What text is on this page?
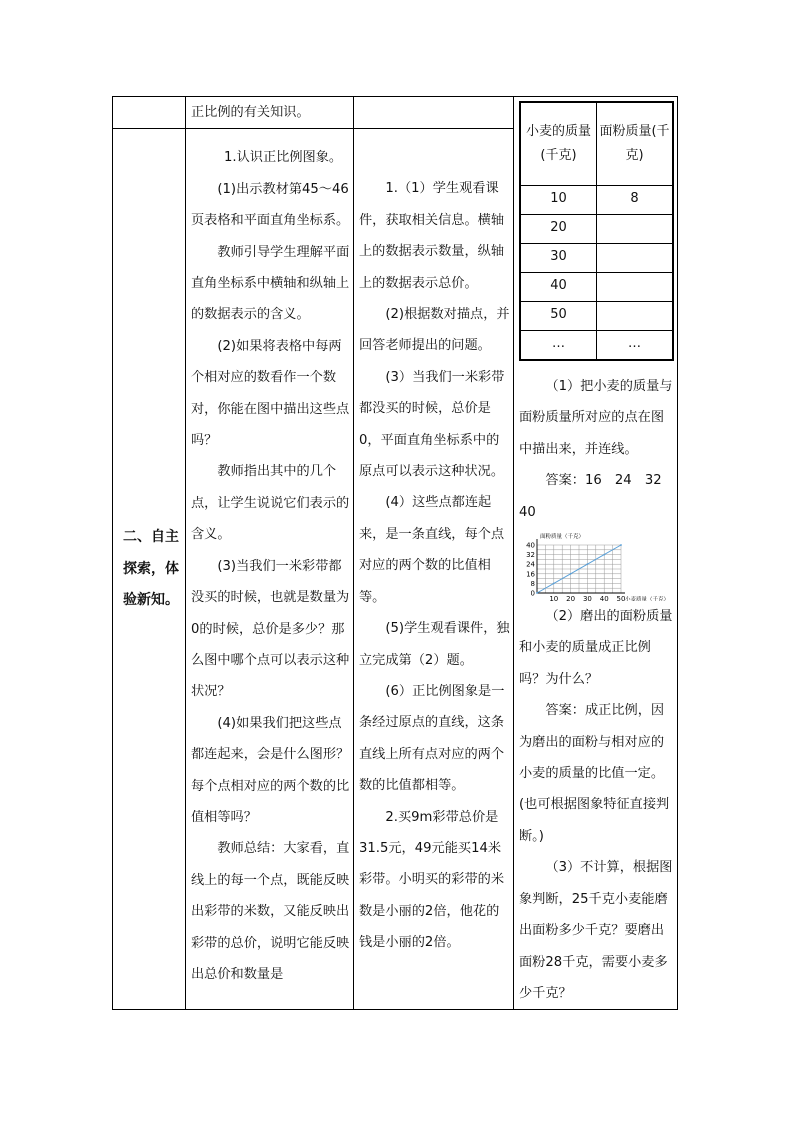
正比例的有关知识。

小麦的质量(千克)	面粉质量(千克)
10	8
20	
30	
40	
50	
…	…

（1）把小麦的质量与面粉质量所对应的点在图中描出来，并连线。

答案：16　24　32　40

0
8
16
24
32
40
10 20 30 40 50
面粉质量（千克）
小麦质量（千克）

（2）磨出的面粉质量和小麦的质量成正比例吗？为什么？

答案：成正比例，因为磨出的面粉与相对应的小麦的质量的比值一定。(也可根据图象特征直接判断。)

（3）不计算，根据图象判断，25千克小麦能磨出面粉多少千克？要磨出面粉28千克，需要小麦多少千克？

二、自主
探索，体
验新知。

1.认识正比例图象。

(1)出示教材第45～46页表格和平面直角坐标系。

教师引导学生理解平面直角坐标系中横轴和纵轴上的数据表示的含义。

(2)如果将表格中每两个相对应的数看作一个数对，你能在图中描出这些点吗？

教师指出其中的几个点，让学生说说它们表示的含义。

(3)当我们一米彩带都没买的时候，也就是数量为0的时候，总价是多少？那么图中哪个点可以表示这种状况？

(4)如果我们把这些点都连起来，会是什么图形？每个点相对应的两个数的比值相等吗？

教师总结：大家看，直线上的每一个点，既能反映出彩带的米数，又能反映出彩带的总价，说明它能反映出总价和数量是

1.（1）学生观看课件，获取相关信息。横轴上的数据表示数量，纵轴上的数据表示总价。

(2)根据数对描点，并回答老师提出的问题。

(3）当我们一米彩带都没买的时候，总价是0，平面直角坐标系中的原点可以表示这种状况。

(4）这些点都连起来，是一条直线，每个点对应的两个数的比值相等。

(5)学生观看课件，独立完成第（2）题。

(6）正比例图象是一条经过原点的直线，这条直线上所有点对应的两个数的比值都相等。

2.买9m彩带总价是31.5元，49元能买14米彩带。小明买的彩带的米数是小丽的2倍，他花的钱是小丽的2倍。
